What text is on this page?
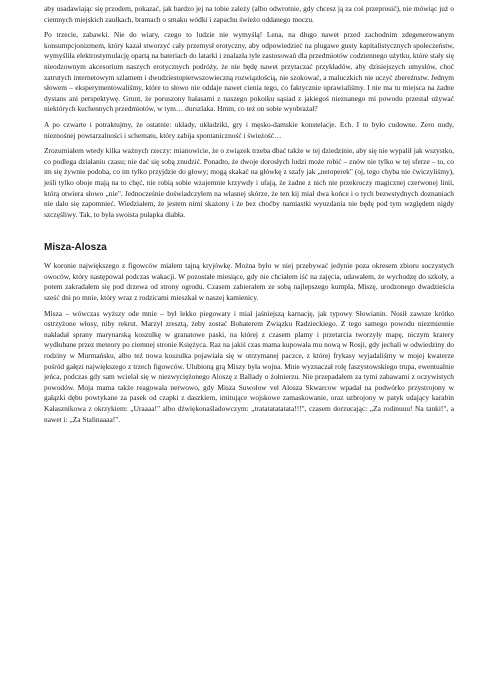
aby usadawiając się przodem, pokazać, jak bardzo jej na tobie zależy (albo odwrotnie, gdy chcesz ją za coś przeprosić), nie mówiąc już o ciemnych miejskich zaułkach, bramach o smaku wódki i zapachu świeżo oddanego moczu.

Po trzecie, zabawki. Nie do wiary, czego to ludzie nie wymyślą! Lena, na długo nawet przed zachodnim zdegenerowanym konsumpcjonizmem, który kazał stworzyć cały przemysł erotyczny, aby odpowiedzieć na plugawe gusty kapitalistycznych społeczeństw, wymyśliła elektrostymulację opartą na bateriach do latarki i znalazła tyle zastosowań dla przedmiotów codziennego użytku, które stały się nieodzownym akcesorium naszych erotycznych podróży, że nie będę nawet przytaczać przykładów, aby dzisiejszych umysłów, choć zatrutych internetowym szlamem i dwudziestopierwszowieczną rozwiązłością, nie szokować, a maluczkich nie uczyć zbereźnstw. Jednym słowem – eksperymentowaliśmy, które to słowo nie oddaje nawet cienia tego, co faktycznie uprawialiśmy. I nie ma tu miejsca na żadne dystans ani perspektywę. Grunt, że poruszony hałasami z naszego pokoiku sąsiad z jakiegoś nieznanego mi powodu przestał używać niektórych kuchennych przedmiotów, w tym… durszlaka. Hmm, co też on sobie wyobrażał?

A po czwarte i potraktujmy, że ostatnie: układy, układziki, gry i męsko-damskie konstelacje. Ech. I to było cudowne. Zero nudy, nieznośnej powtarzalności i schematu, który zabija spontaniczność i świeżość…

Zrozumiałem wtedy kilka ważnych rzeczy: mianowicie, że o związek trzeba dbać także w tej dziedzinie, aby się nie wypalił jak wszystko, co podlega działaniu czasu; nie dać się sobą znudzić. Ponadto, że dwoje dorosłych ludzi może robić – znów nie tylko w tej sferze – to, co im się żywnie podoba, co im tylko przyjdzie do głowy; mogą skakać na główkę z szafy jak „netoperek" (oj, tego chyba nie ćwiczyliśmy), jeśli tylko oboje mają na to chęć, nie robią sobie wzajemnie krzywdy i ufają, że żadne z nich nie przekroczy magicznej czerwonej linii, którą otwiera słowo „nie". Jednocześnie doświadczyłem na własnej skórze, że ten kij miał dwa końce i o tych bezwstydnych doznaniach nie dało się zapomnieć. Wiedziałem, że jestem nimi skażony i że bez choćby namiastki wyuzdania nie będę pod tym względem nigdy szczęśliwy. Tak, to była swoista pułapka diabła.

Misza-Alosza

W koronie największego z figowców miałem tajną kryjówkę. Można było w niej przebywać jedynie poza okresem zbioru soczystych owoców, który następował podczas wakacji. W pozostałe miesiące, gdy nie chciałem iść na zajęcia, udawałem, że wychodzę do szkoły, a potem zakradałem się pod drzewa od strony ogrodu. Czasem zabierałem ze sobą najlepszego kumpla, Miszę, urodzonego dwadzieścia sześć dni po mnie, który wraz z rodzicami mieszkał w naszej kamienicy.

Misza – wówczas wyższy ode mnie – był lekko piegowaty i miał jaśniejszą karnację, jak typowy Słowianin. Nosił zawsze krótko ostrzyżone włosy, niby rekrut. Marzył zresztą, żeby zostać Bohaterem Związku Radzieckiego. Z tego samego powodu niezmiennie nakładał sprany marynarską koszulkę w granatowe paski, na której z czasem plamy i przetarcia tworzyły mapę, niczym kratery wydłubane przez meteory po ciemnej stronie Księżyca. Raz na jakiś czas mama kupowała mu nową w Rosji, gdy jechali w odwiedziny do rodziny w Murmańsku, albo też nowa koszulka pojawiała się w otrzymanej paczce, z której frykasy wyjadaliśmy w mojej kwaterze pośród gałęzi największego z trzech figowców. Ulubioną grą Miszy była wojna. Mnie wyznaczał rolę faszystowskiego trupa, ewentualnie jeńca, podczas gdy sam wcielał się w niezwyciężonego Aloszę z Ballady o żołnierzu. Nie przepadałem za tymi zabawami z oczywistych powodów. Moja mama także reagowała nerwowo, gdy Misza Suwołow vel Alosza Skwarcow wpadał na podwórko przystrojony w gałązki dębu powtykane za pasek od czapki z daszkiem, imitujące wojskowe zamaskowanie, oraz uzbrojony w patyk udający karabin Kałasznikowa z okrzykiem: „Uraaaa!" albo dźwiękonaśladowczym: „tratatatatatata!!!", czasem dorzucając: „Za rodinuuu! Na tanki!", a nawet i: „Za Stalinaaaa!".
